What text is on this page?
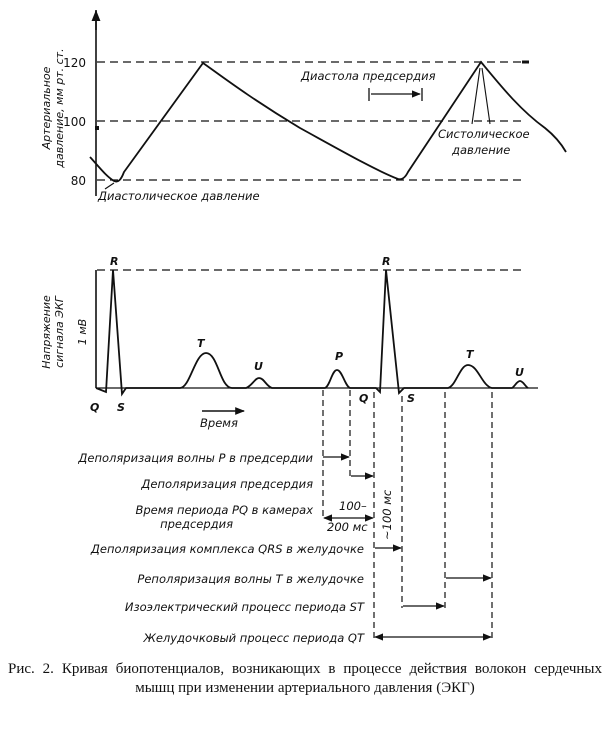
Артериальное давление, мм рт. ст.
120
100
80
Диастола предсердия
Систолическое
давление
Диастолическое давление
Напряжение сигнала ЭКГ 1 мВ
R
Q S
T
U
P
R
Q	S
T
U
Время
Деполяризация волны P в предсердии
Деполяризация предсердия
Время периода PQ в камерах
предсердия
100–
200 мс
Деполяризация комплекса QRS в желудочке
~100 мс
Реполяризация волны T в желудочке
Изоэлектрический процесс периода ST
Желудочковый процесс периода QT
Рис. 2. Кривая биопотенциалов, возникающих в процессе действия волокон сердечных мышц при изменении артериального давления (ЭКГ)
